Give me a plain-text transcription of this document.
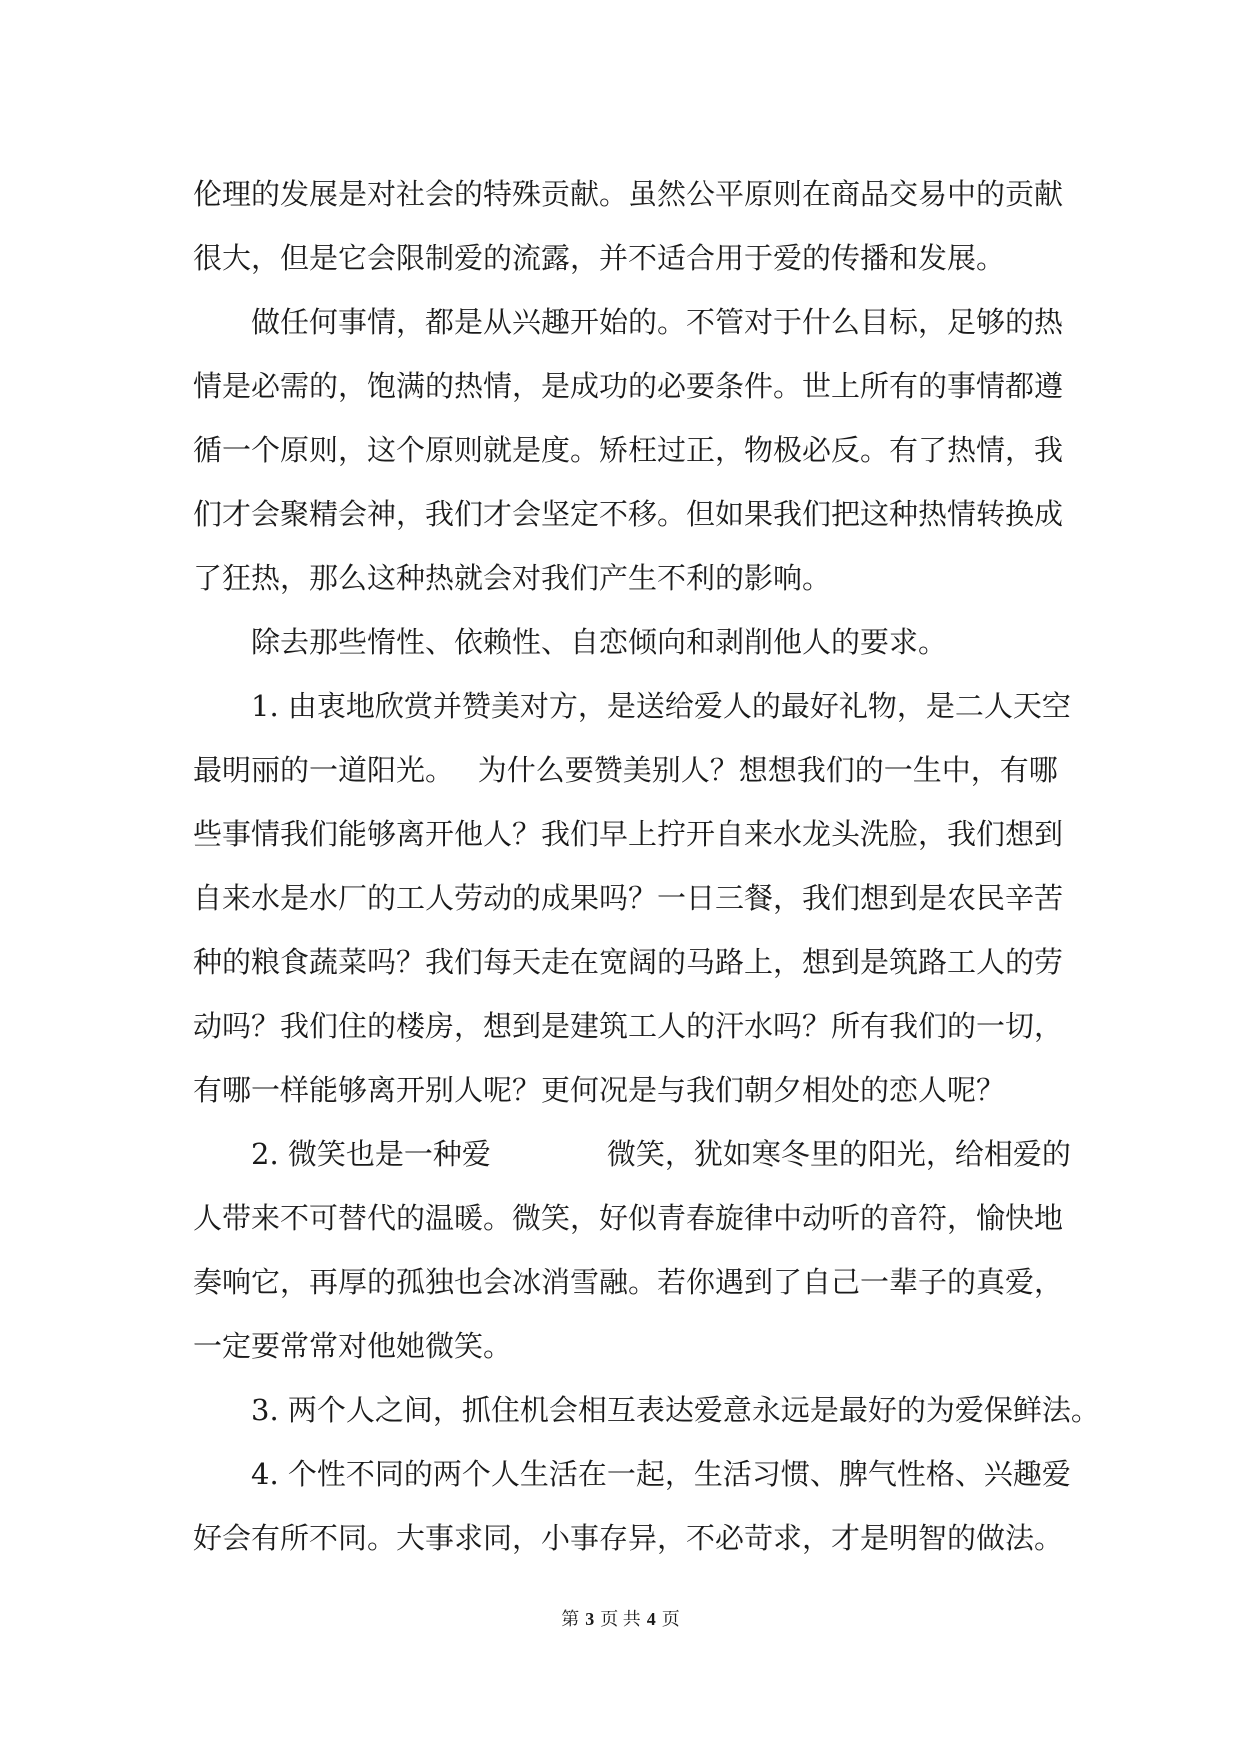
伦理的发展是对社会的特殊贡献。虽然公平原则在商品交易中的贡献
很大，但是它会限制爱的流露，并不适合用于爱的传播和发展。
做任何事情，都是从兴趣开始的。不管对于什么目标，足够的热
情是必需的，饱满的热情，是成功的必要条件。世上所有的事情都遵
循一个原则，这个原则就是度。矫枉过正，物极必反。有了热情，我
们才会聚精会神，我们才会坚定不移。但如果我们把这种热情转换成
了狂热，那么这种热就会对我们产生不利的影响。
除去那些惰性、依赖性、自恋倾向和剥削他人的要求。
1. 由衷地欣赏并赞美对方，是送给爱人的最好礼物，是二人天空
最明丽的一道阳光。　 为什么要赞美别人？想想我们的一生中，有哪
些事情我们能够离开他人？我们早上拧开自来水龙头洗脸，我们想到
自来水是水厂的工人劳动的成果吗？一日三餐，我们想到是农民辛苦
种的粮食蔬菜吗？我们每天走在宽阔的马路上，想到是筑路工人的劳
动吗？我们住的楼房，想到是建筑工人的汗水吗？所有我们的一切，
有哪一样能够离开别人呢？更何况是与我们朝夕相处的恋人呢？
2. 微笑也是一种爱　　　　微笑，犹如寒冬里的阳光，给相爱的
人带来不可替代的温暖。微笑，好似青春旋律中动听的音符，愉快地
奏响它，再厚的孤独也会冰消雪融。若你遇到了自己一辈子的真爱，
一定要常常对他她微笑。
3. 两个人之间，抓住机会相互表达爱意永远是最好的为爱保鲜法。
4. 个性不同的两个人生活在一起，生活习惯、脾气性格、兴趣爱
好会有所不同。大事求同，小事存异，不必苛求，才是明智的做法。
第 3 页 共 4 页
